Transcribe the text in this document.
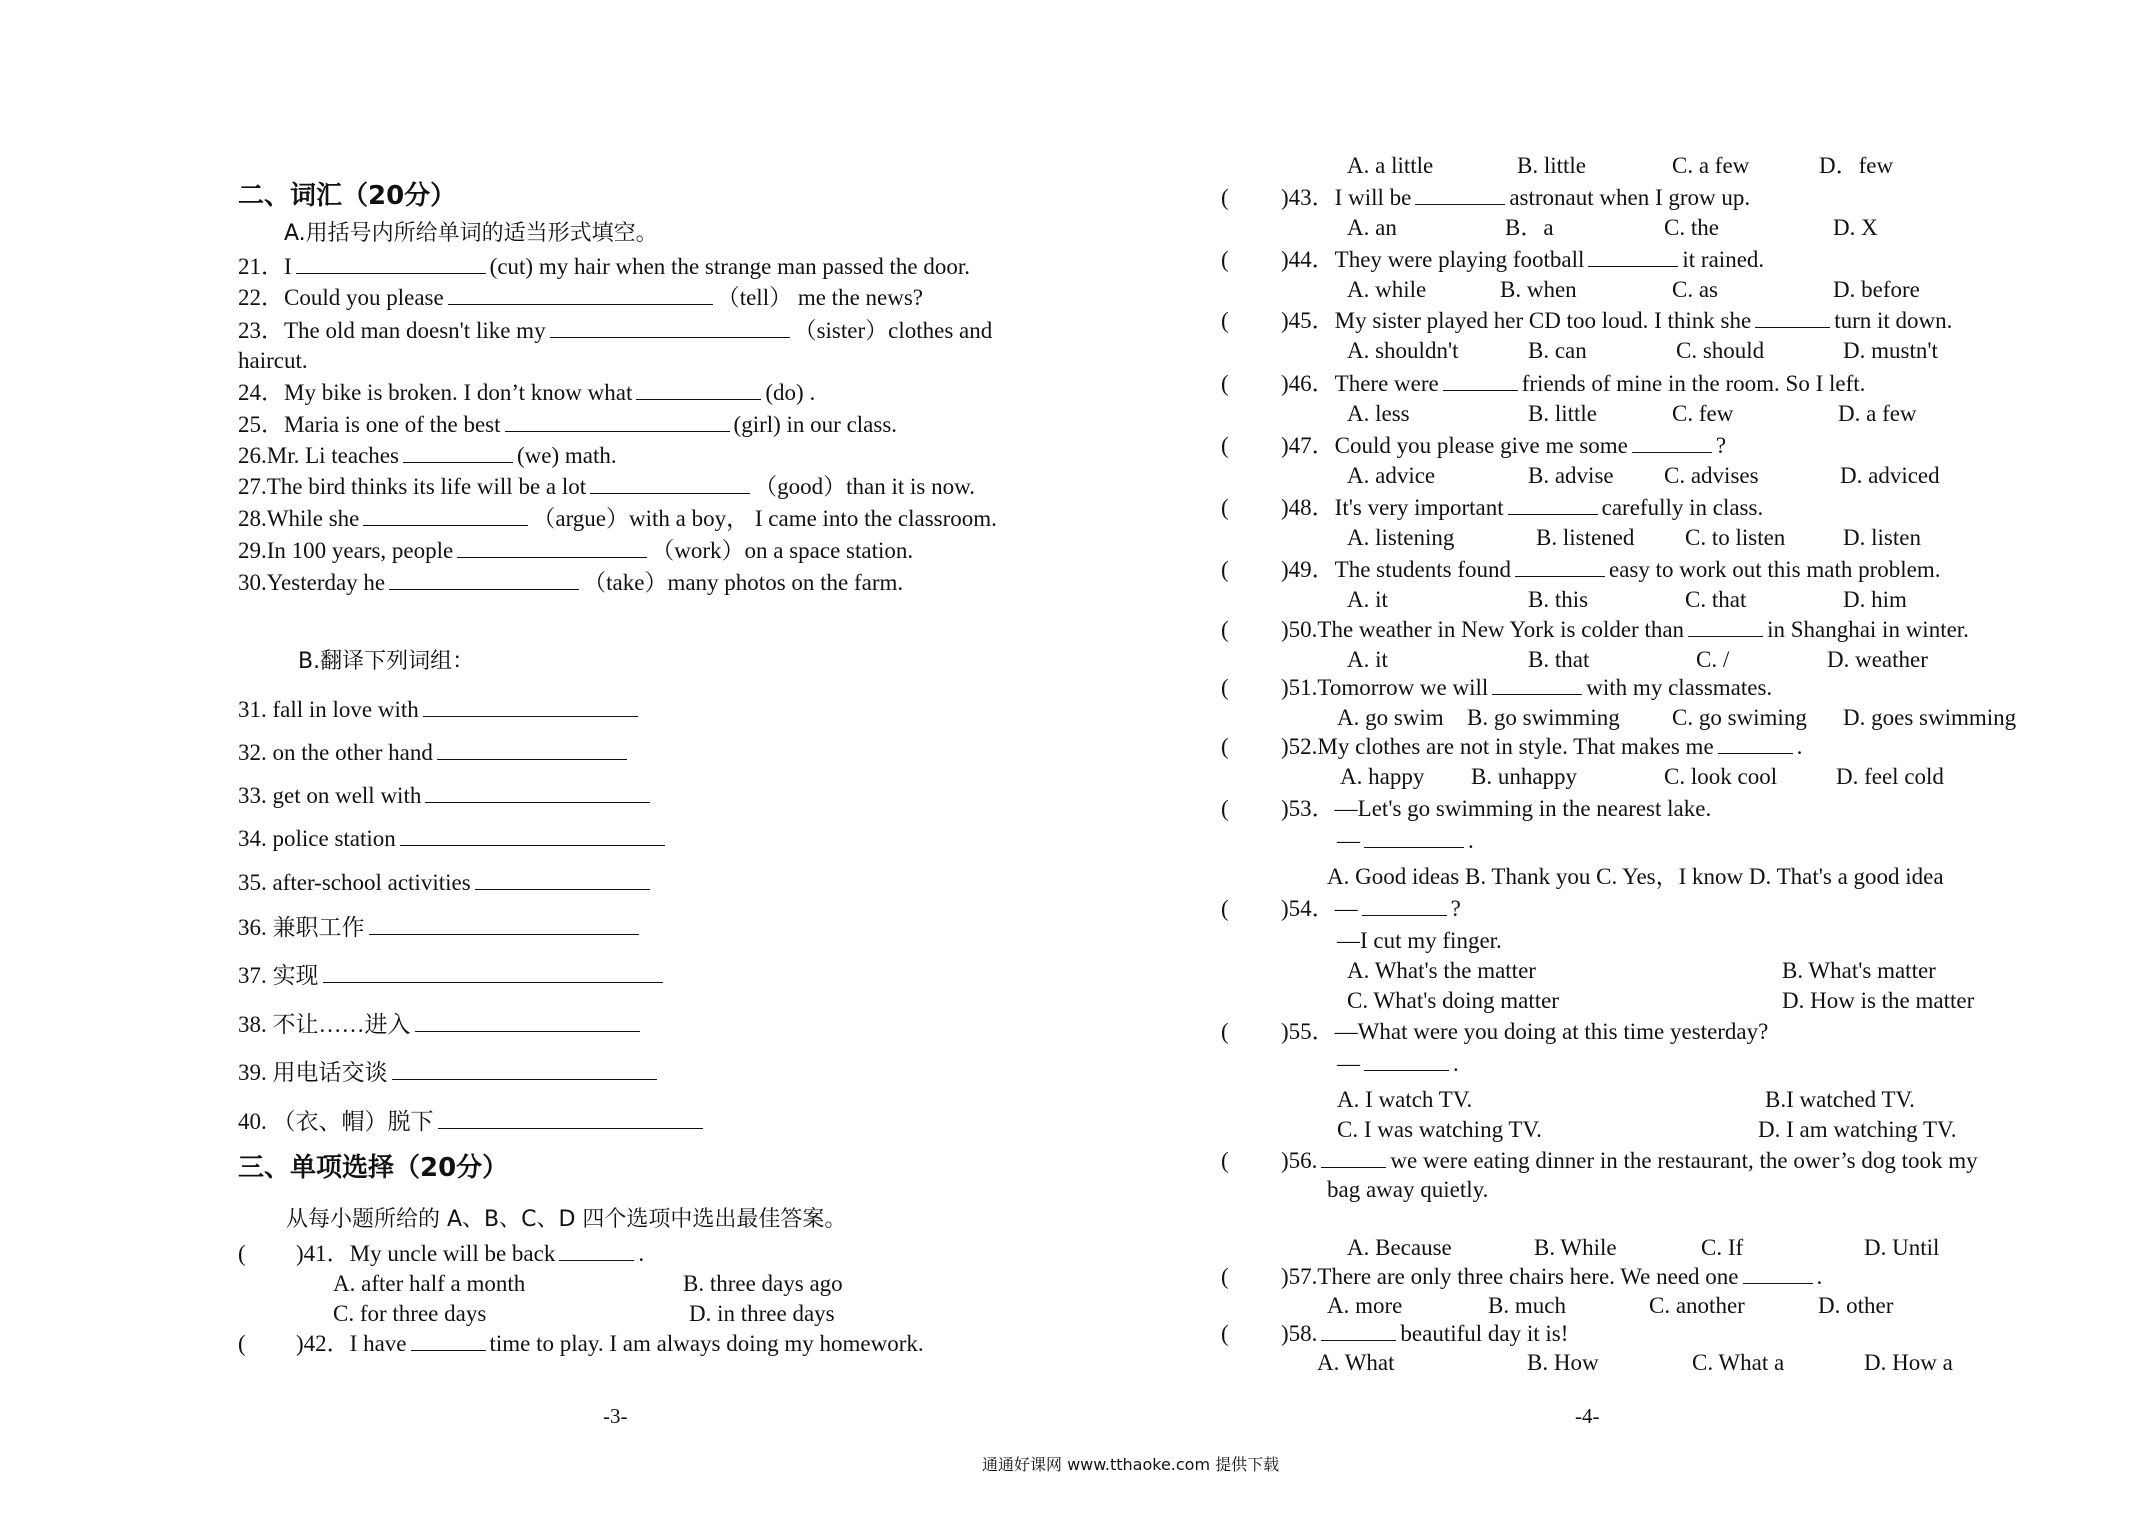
二、词汇（20分）
A.用括号内所给单词的适当形式填空。
21．I	(cut) my hair when the strange man passed the door.
22．Could you please	（tell） me the news?
23．The old man doesn't like my	（sister）clothes and
haircut.
24．My bike is broken. I don’t know what	(do) .
25．Maria is one of the best	(girl) in our class.
26.Mr. Li teaches	(we) math.
27.The bird thinks its life will be a lot	（good）than it is now.
28.While she	（argue）with a boy， I came into the classroom.
29.In 100 years, people	（work）on a space station.
30.Yesterday he	（take）many photos on the farm.
B.翻译下列词组：
31. fall in love with
32. on the other hand
33. get on well with
34. police station
35. after-school activities
36. 兼职工作
37. 实现
38. 不让……进入
39. 用电话交谈
40. （衣、帽）脱下
三、单项选择（20分）
从每小题所给的 A、B、C、D 四个选项中选出最佳答案。
( )41．My uncle will be back	.
A. after half a month	B. three days ago
C. for three days	D. in three days
( )42．I have	time to play. I am always doing my homework.
-3-
A. a little	B. little	C. a few	D．few
( )43．I will be	astronaut when I grow up.
A. an	B．a	C. the	D. X
( )44．They were playing football	it rained.
A. while	B. when	C. as	D. before
( )45．My sister played her CD too loud. I think she	turn it down.
A. shouldn't	B. can	C. should	D. mustn't
( )46．There were	friends of mine in the room. So I left.
A. less	B. little	C. few	D. a few
( )47．Could you please give me some	?
A. advice	B. advise C. advises	D. adviced
( )48．It's very important	carefully in class.
A. listening	B. listened C. to listen	D. listen
( )49．The students found	easy to work out this math problem.
A. it	B. this	C. that	D. him
( )50.The weather in New York is colder than	in Shanghai in winter.
A. it	B. that	C. /	D. weather
( )51.Tomorrow we will	with my classmates.
A. go swim B. go swimming C. go swiming D. goes swimming
( )52.My clothes are not in style. That makes me	.
A. happy B. unhappy	C. look cool	D. feel cold
( )53．—Let's go swimming in the nearest lake.
—	.
A. Good ideas B. Thank you C. Yes，I know D. That's a good idea
( )54．—	?
—I cut my finger.
A. What's the matter	B. What's matter
C. What's doing matter	D. How is the matter
( )55．—What were you doing at this time yesterday?
—	.
A. I watch TV.	B.I watched TV.
C. I was watching TV.	D. I am watching TV.
( )56.	we were eating dinner in the restaurant, the ower’s dog took my
bag away quietly.
A. Because	B. While	C. If	D. Until
( )57.There are only three chairs here. We need one	.
A. more	B. much	C. another	D. other
( )58.	beautiful day it is!
A. What	B. How	C. What a	D. How a
-4-
通通好课网 www.tthaoke.com 提供下载
